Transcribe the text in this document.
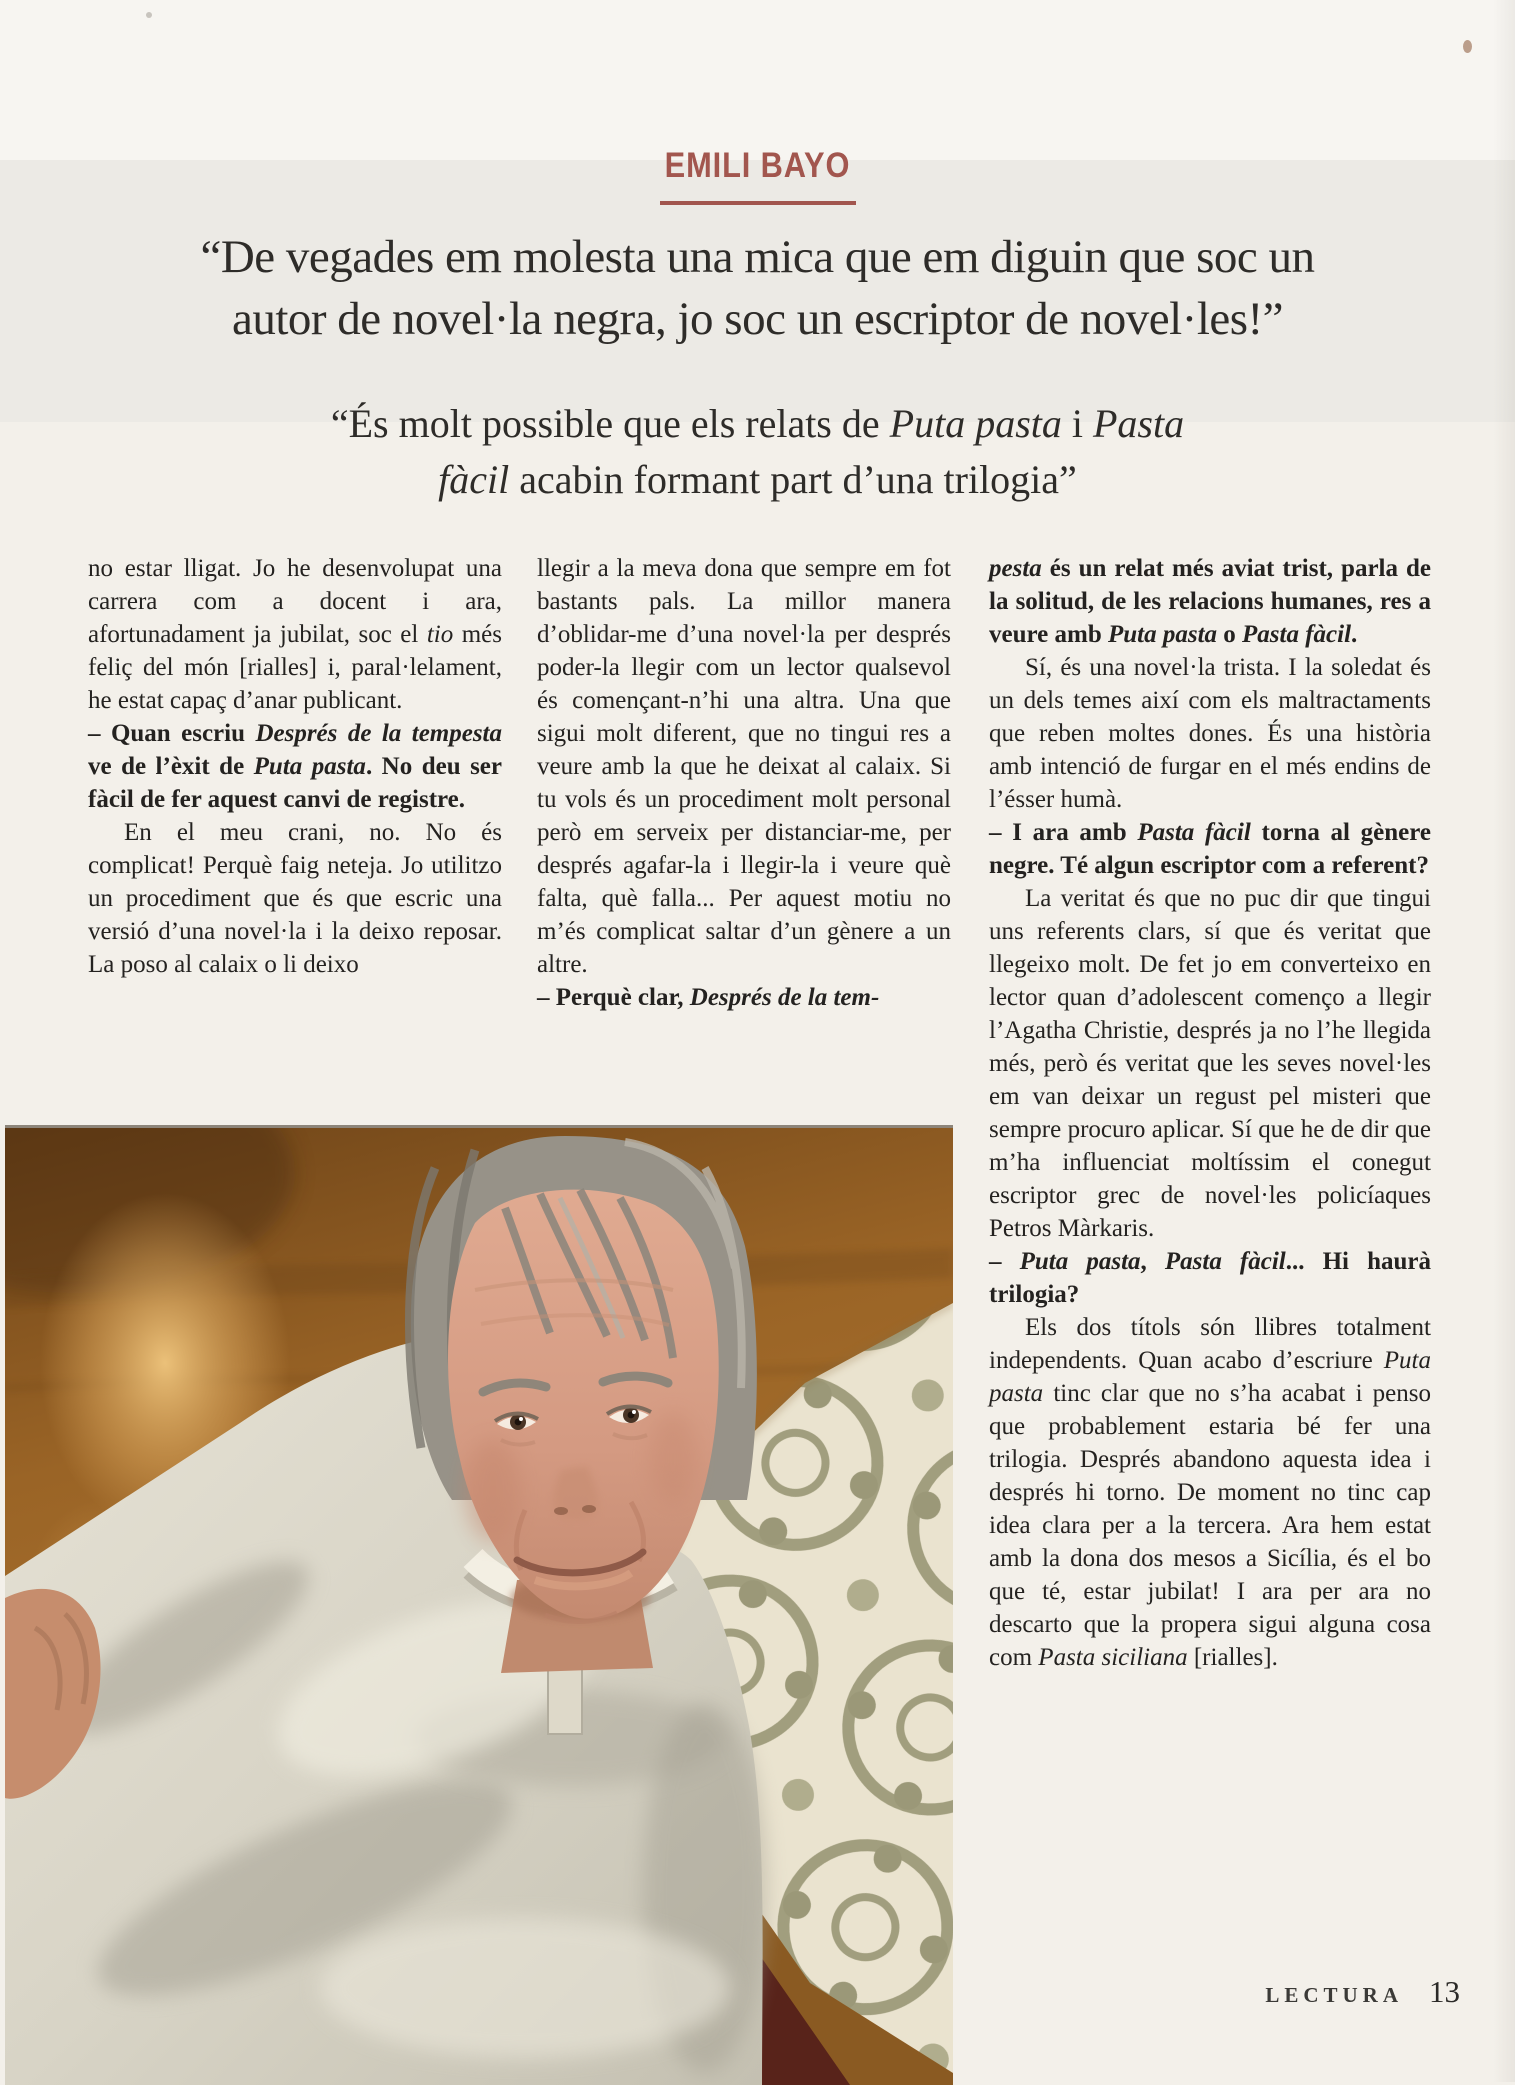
EMILI BAYO
“De vegades em molesta una mica que em diguin que soc un
autor de novel·la negra, jo soc un escriptor de novel·les!”
“És molt possible que els relats de Puta pasta i Pasta
fàcil acabin formant part d’una trilogia”

no estar lligat. Jo he desenvolupat una carrera com a docent i ara, afortunadament ja jubilat, soc el tio més feliç del món [rialles] i, paral·lelament, he estat capaç d’anar publicant.

– Quan escriu Després de la tempesta ve de l’èxit de Puta pasta. No deu ser fàcil de fer aquest canvi de registre.

En el meu crani, no. No és complicat! Perquè faig neteja. Jo utilitzo un procediment que és que escric una versió d’una novel·la i la deixo reposar. La poso al calaix o li deixo

llegir a la meva dona que sempre em fot bastants pals. La millor manera d’oblidar-me d’una novel·la per després poder-la llegir com un lector qualsevol és començant-n’hi una altra. Una que sigui molt diferent, que no tingui res a veure amb la que he deixat al calaix. Si tu vols és un procediment molt personal però em serveix per distanciar-me, per després agafar-la i llegir-la i veure què falta, què falla... Per aquest motiu no m’és complicat saltar d’un gènere a un altre.

– Perquè clar, Després de la tem-

pesta és un relat més aviat trist, parla de la solitud, de les relacions humanes, res a veure amb Puta pasta o Pasta fàcil.

Sí, és una novel·la trista. I la soledat és un dels temes així com els maltractaments que reben moltes dones. És una història amb intenció de furgar en el més endins de l’ésser humà.

– I ara amb Pasta fàcil torna al gènere negre. Té algun escriptor com a referent?

La veritat és que no puc dir que tingui uns referents clars, sí que és veritat que llegeixo molt. De fet jo em converteixo en lector quan d’adolescent començo a llegir l’Agatha Christie, després ja no l’he llegida més, però és veritat que les seves novel·les em van deixar un regust pel misteri que sempre procuro aplicar. Sí que he de dir que m’ha influenciat moltíssim el conegut escriptor grec de novel·les policíaques Petros Màrkaris.

– Puta pasta, Pasta fàcil... Hi haurà trilogia?

Els dos títols són llibres totalment independents. Quan acabo d’escriure Puta pasta tinc clar que no s’ha acabat i penso que probablement estaria bé fer una trilogia. Després abandono aquesta idea i després hi torno. De moment no tinc cap idea clara per a la tercera. Ara hem estat amb la dona dos mesos a Sicília, és el bo que té, estar jubilat! I ara per ara no descarto que la propera sigui alguna cosa com Pasta siciliana [rialles].

LECTURA 13
